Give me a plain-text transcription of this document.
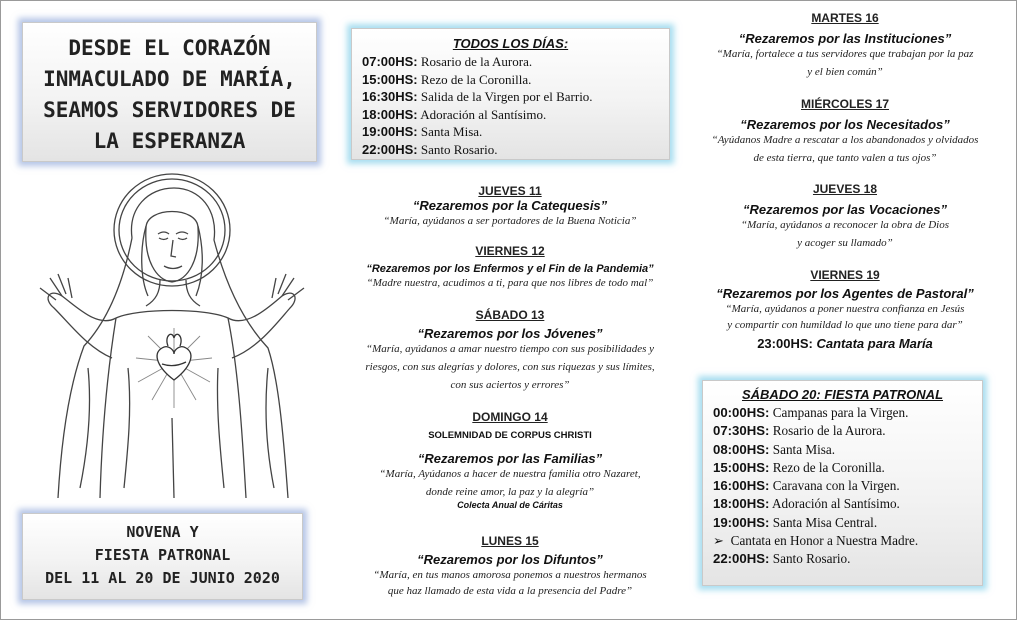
DESDE EL CORAZÓN
INMACULADO DE MARÍA,
SEAMOS SERVIDORES DE
LA ESPERANZA
NOVENA Y
FIESTA PATRONAL
DEL 11 AL 20 DE JUNIO 2020
TODOS LOS DÍAS:
07:00HS: Rosario de la Aurora.
15:00HS: Rezo de la Coronilla.
16:30HS: Salida de la Virgen por el Barrio.
18:00HS: Adoración al Santísimo.
19:00HS: Santa Misa.
22:00HS: Santo Rosario.
JUEVES 11
“Rezaremos por la Catequesis”
“María, ayúdanos a ser portadores de la Buena Noticia”
VIERNES 12
“Rezaremos por los Enfermos y el Fin de la Pandemia”
“Madre nuestra, acudimos a ti, para que nos libres de todo mal”
SÁBADO 13
“Rezaremos por los Jóvenes”
“María, ayúdanos a amar nuestro tiempo con sus posibilidades y
riesgos, con sus alegrías y dolores, con sus riquezas y sus límites,
con sus aciertos y errores”
DOMINGO 14
SOLEMNIDAD DE CORPUS CHRISTI
“Rezaremos por las Familias”
“María, Ayúdanos a hacer de nuestra familia otro Nazaret,
donde reine amor, la paz y la alegría”
Colecta Anual de Cáritas
LUNES 15
“Rezaremos por los Difuntos”
“María, en tus manos amorosa ponemos a nuestros hermanos
que haz llamado de esta vida a la presencia del Padre”
MARTES 16
“Rezaremos por las Instituciones”
“María, fortalece a tus servidores que trabajan por la paz
y el bien común”
MIÉRCOLES 17
“Rezaremos por los Necesitados”
“Ayúdanos Madre a rescatar a los abandonados y olvidados
de esta tierra, que tanto valen a tus ojos”
JUEVES 18
“Rezaremos por las Vocaciones”
“María, ayúdanos a reconocer la obra de Dios
y acoger su llamado”
VIERNES 19
“Rezaremos por los Agentes de Pastoral”
“María, ayúdanos a poner nuestra confianza en Jesús
y compartir con humildad lo que uno tiene para dar”
23:00HS: Cantata para María
SÁBADO 20: FIESTA PATRONAL
00:00HS: Campanas para la Virgen.
07:30HS: Rosario de la Aurora.
08:00HS: Santa Misa.
15:00HS: Rezo de la Coronilla.
16:00HS: Caravana con la Virgen.
18:00HS: Adoración al Santísimo.
19:00HS: Santa Misa Central.
➢ Cantata en Honor a Nuestra Madre.
22:00HS: Santo Rosario.
